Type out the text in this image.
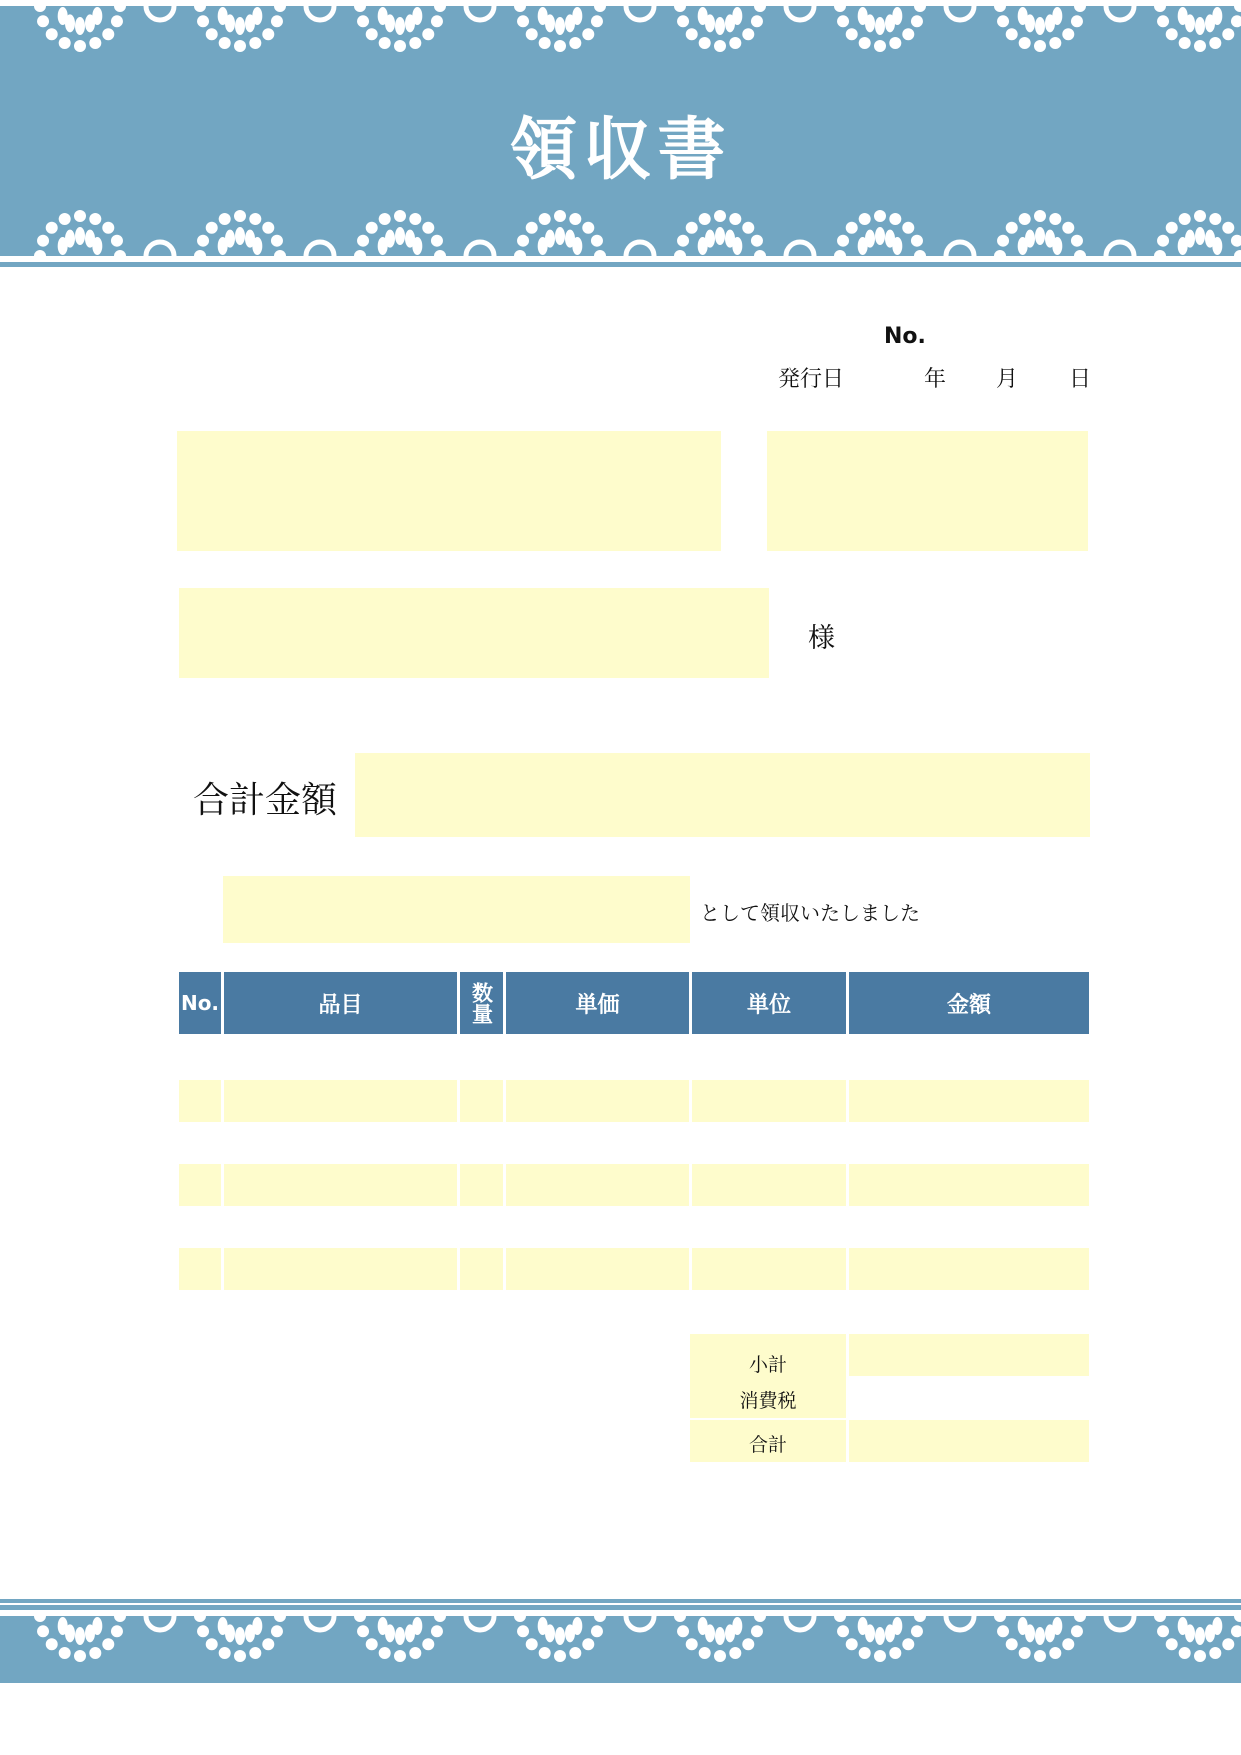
領収書
No.
発行日	年 月 日
様
合計金額
として領収いたしました
No.	品目	数量	単価	単位	金額
小計
消費税
合計
